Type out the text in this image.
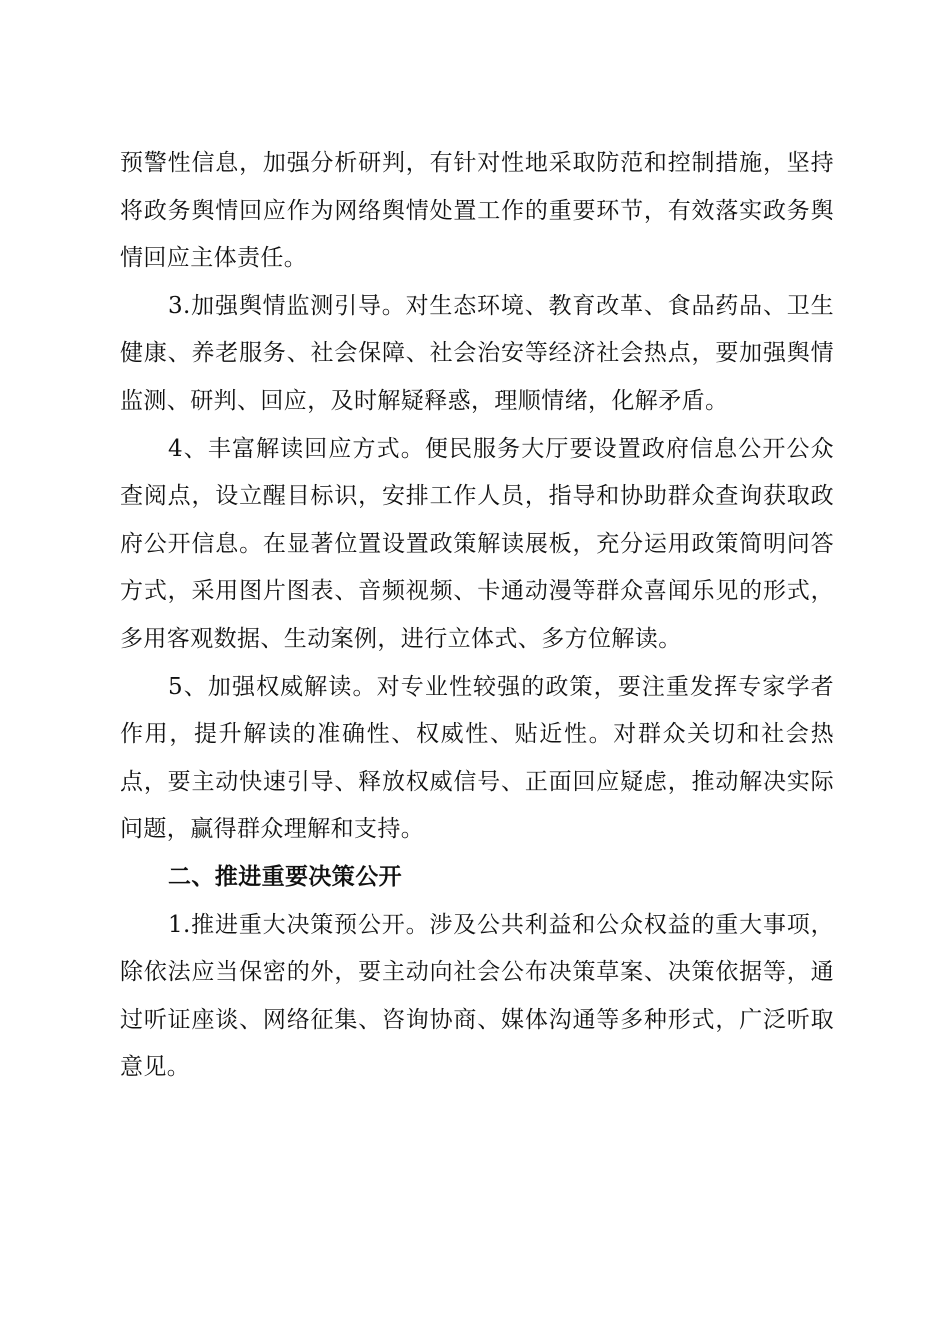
预警性信息，加强分析研判，有针对性地采取防范和控制措施，坚持将政务舆情回应作为网络舆情处置工作的重要环节，有效落实政务舆情回应主体责任。

3.加强舆情监测引导。对生态环境、教育改革、食品药品、卫生健康、养老服务、社会保障、社会治安等经济社会热点，要加强舆情监测、研判、回应，及时解疑释惑，理顺情绪，化解矛盾。

4、丰富解读回应方式。便民服务大厅要设置政府信息公开公众查阅点，设立醒目标识，安排工作人员，指导和协助群众查询获取政府公开信息。在显著位置设置政策解读展板，充分运用政策简明问答方式，采用图片图表、音频视频、卡通动漫等群众喜闻乐见的形式，多用客观数据、生动案例，进行立体式、多方位解读。

5、加强权威解读。对专业性较强的政策，要注重发挥专家学者作用，提升解读的准确性、权威性、贴近性。对群众关切和社会热点，要主动快速引导、释放权威信号、正面回应疑虑，推动解决实际问题，赢得群众理解和支持。

二、推进重要决策公开

1.推进重大决策预公开。涉及公共利益和公众权益的重大事项，除依法应当保密的外，要主动向社会公布决策草案、决策依据等，通过听证座谈、网络征集、咨询协商、媒体沟通等多种形式，广泛听取意见。
